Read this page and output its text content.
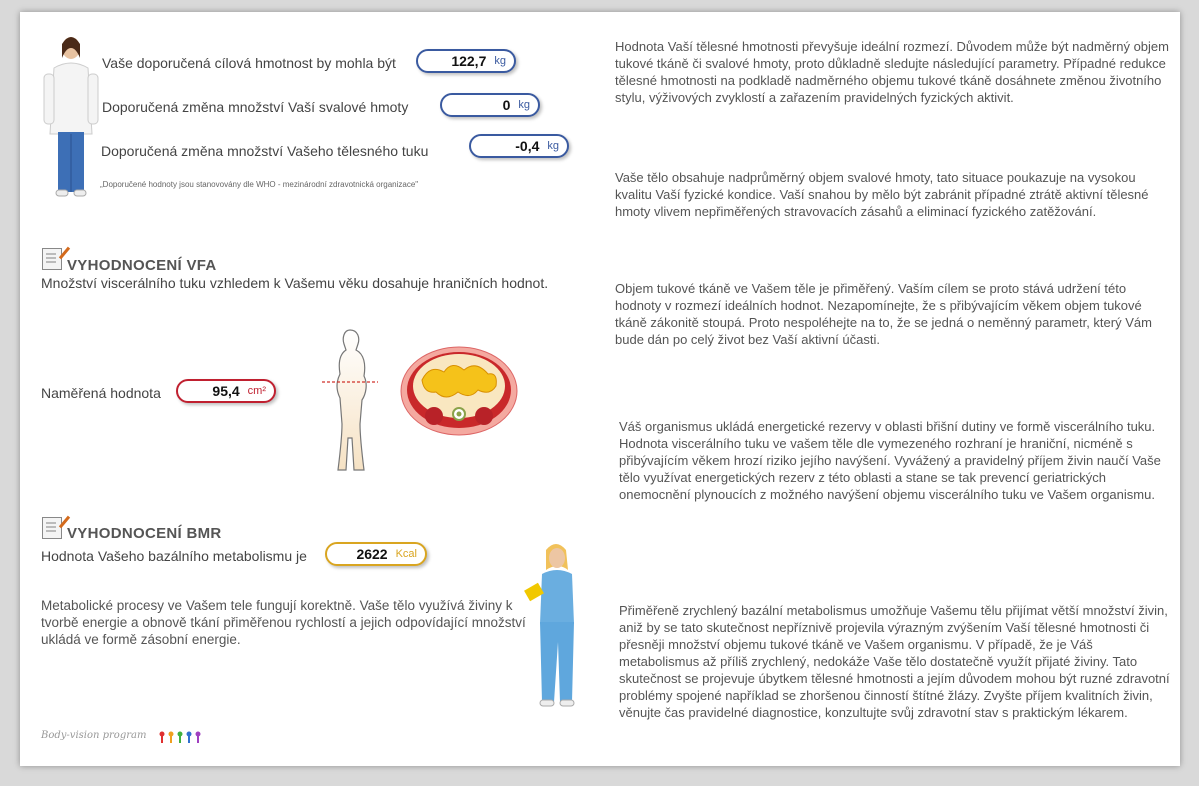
Vaše doporučená cílová hmotnost by mohla být	122,7 kg
Doporučená změna množství Vaší svalové hmoty	0 kg
Doporučená změna množství Vašeho tělesného tuku	-0,4 kg
„Doporučené hodnoty jsou stanovovány dle WHO - mezinárodní zdravotnická organizace"
VYHODNOCENÍ VFA
Množství viscerálního tuku vzhledem k Vašemu věku dosahuje hraničních hodnot.
Naměřená hodnota	95,4 cm²
VYHODNOCENÍ BMR
Hodnota Vašeho bazálního metabolismu je	2622 Kcal
Metabolické procesy ve Vašem tele fungují korektně. Vaše tělo využívá živiny k tvorbě energie a obnově tkání přiměřenou rychlostí a jejich odpovídající množství ukládá ve formě zásobní energie.
Body-vision program
Hodnota Vaší tělesné hmotnosti převyšuje ideální rozmezí. Důvodem může být nadměrný objem tukové tkáně či svalové hmoty, proto důkladně sledujte následující parametry. Případné redukce tělesné hmotnosti na podkladě nadměrného objemu tukové tkáně dosáhnete změnou životního stylu, výživových zvyklostí a zařazením pravidelných fyzických aktivit.
Vaše tělo obsahuje nadprůměrný objem svalové hmoty, tato situace poukazuje na vysokou kvalitu Vaší fyzické kondice. Vaší snahou by mělo být zabránit případné ztrátě aktivní tělesné hmoty vlivem nepřiměřených stravovacích zásahů a eliminací fyzického zatěžování.
Objem tukové tkáně ve Vašem těle je přiměřený. Vaším cílem se proto stává udržení této hodnoty v rozmezí ideálních hodnot. Nezapomínejte, že s přibývajícím věkem objem tukové tkáně zákonitě stoupá. Proto nespoléhejte na to, že se jedná o neměnný parametr, který Vám bude dán po celý život bez Vaší aktivní účasti.
Váš organismus ukládá energetické rezervy v oblasti břišní dutiny ve formě viscerálního tuku. Hodnota viscerálního tuku ve vašem těle dle vymezeného rozhraní je hraniční, nicméně s přibývajícím věkem hrozí riziko jejího navýšení. Vyvážený a pravidelný příjem živin naučí Vaše tělo využívat energetických rezerv z této oblasti a stane se tak prevencí geriatrických onemocnění plynoucích z možného navýšení objemu viscerálního tuku ve Vašem organismu.
Přiměřeně zrychlený bazální metabolismus umožňuje Vašemu tělu přijímat větší množství živin, aniž by se tato skutečnost nepříznivě projevila výrazným zvýšením Vaší tělesné hmotnosti či přesněji množství objemu tukové tkáně ve Vašem organismu. V případě, že je Váš metabolismus až příliš zrychlený, nedokáže Vaše tělo dostatečně využít přijaté živiny. Tato skutečnost se projevuje úbytkem tělesné hmotnosti a jejím důvodem mohou být ruzné zdravotní problémy spojené například se zhoršenou činností štítné žlázy. Zvyšte příjem kvalitních živin, věnujte čas pravidelné diagnostice, konzultujte svůj zdravotní stav s praktickým lékarem.
